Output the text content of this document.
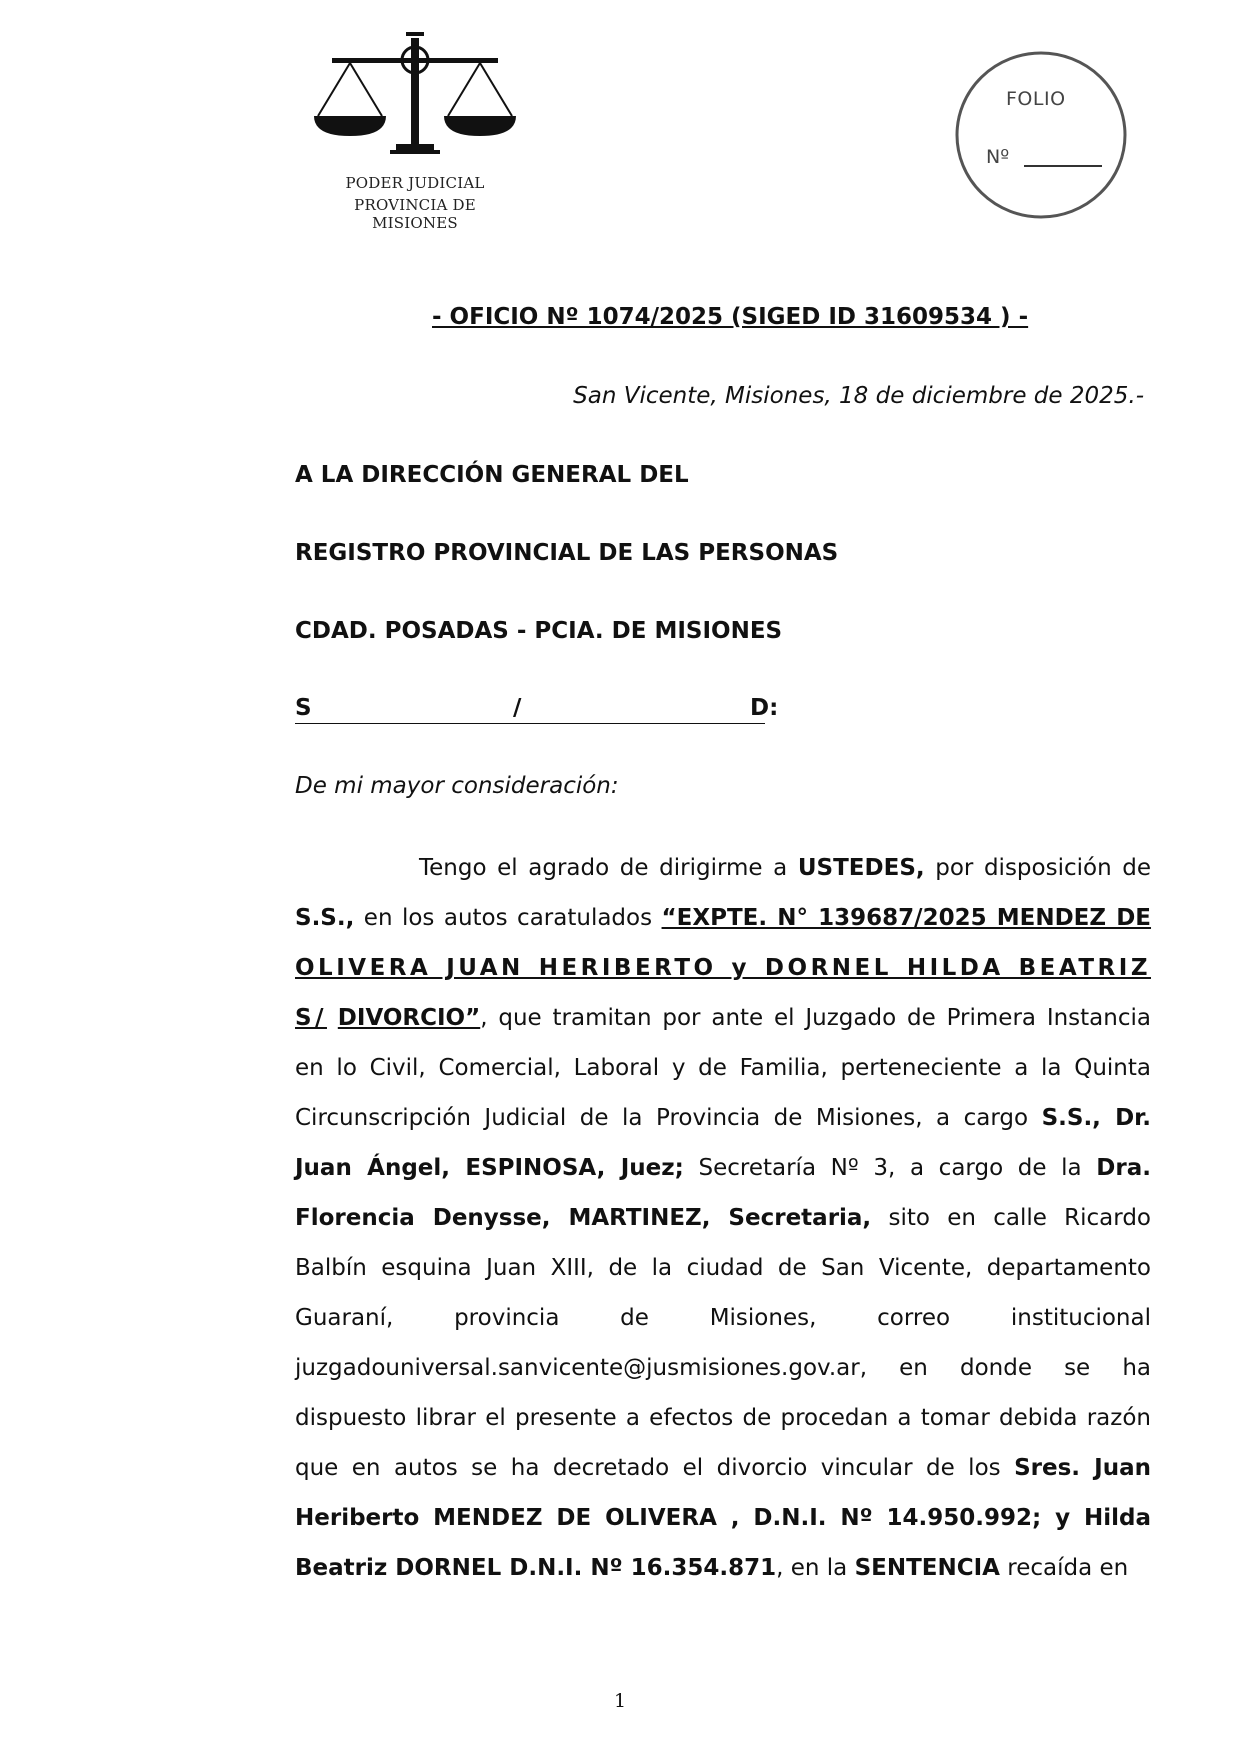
PODER JUDICIAL
PROVINCIA DE MISIONES
FOLIO
Nº
- OFICIO Nº 1074/2025 (SIGED ID 31609534 ) -
San Vicente, Misiones, 18 de diciembre de 2025.-
A LA DIRECCIÓN GENERAL DEL
REGISTRO PROVINCIAL DE LAS PERSONAS
CDAD. POSADAS - PCIA. DE MISIONES
S	/	D:
De mi mayor consideración:
Tengo el agrado de dirigirme a USTEDES, por disposición de S.S., en los autos caratulados “EXPTE. N° 139687/2025 MENDEZ DE OLIVERA JUAN HERIBERTO y DORNEL HILDA BEATRIZ S/ DIVORCIO”, que tramitan por ante el Juzgado de Primera Instancia en lo Civil, Comercial, Laboral y de Familia, perteneciente a la Quinta Circunscripción Judicial de la Provincia de Misiones, a cargo S.S., Dr. Juan Ángel, ESPINOSA, Juez; Secretaría Nº 3, a cargo de la Dra. Florencia Denysse, MARTINEZ, Secretaria, sito en calle Ricardo Balbín esquina Juan XIII, de la ciudad de San Vicente, departamento Guaraní, provincia de Misiones, correo institucional juzgadouniversal.sanvicente@jusmisiones.gov.ar, en donde se ha dispuesto librar el presente a efectos de procedan a tomar debida razón que en autos se ha decretado el divorcio vincular de los Sres. Juan Heriberto MENDEZ DE OLIVERA , D.N.I. Nº 14.950.992; y Hilda Beatriz DORNEL D.N.I. Nº 16.354.871, en la SENTENCIA recaída en
1
